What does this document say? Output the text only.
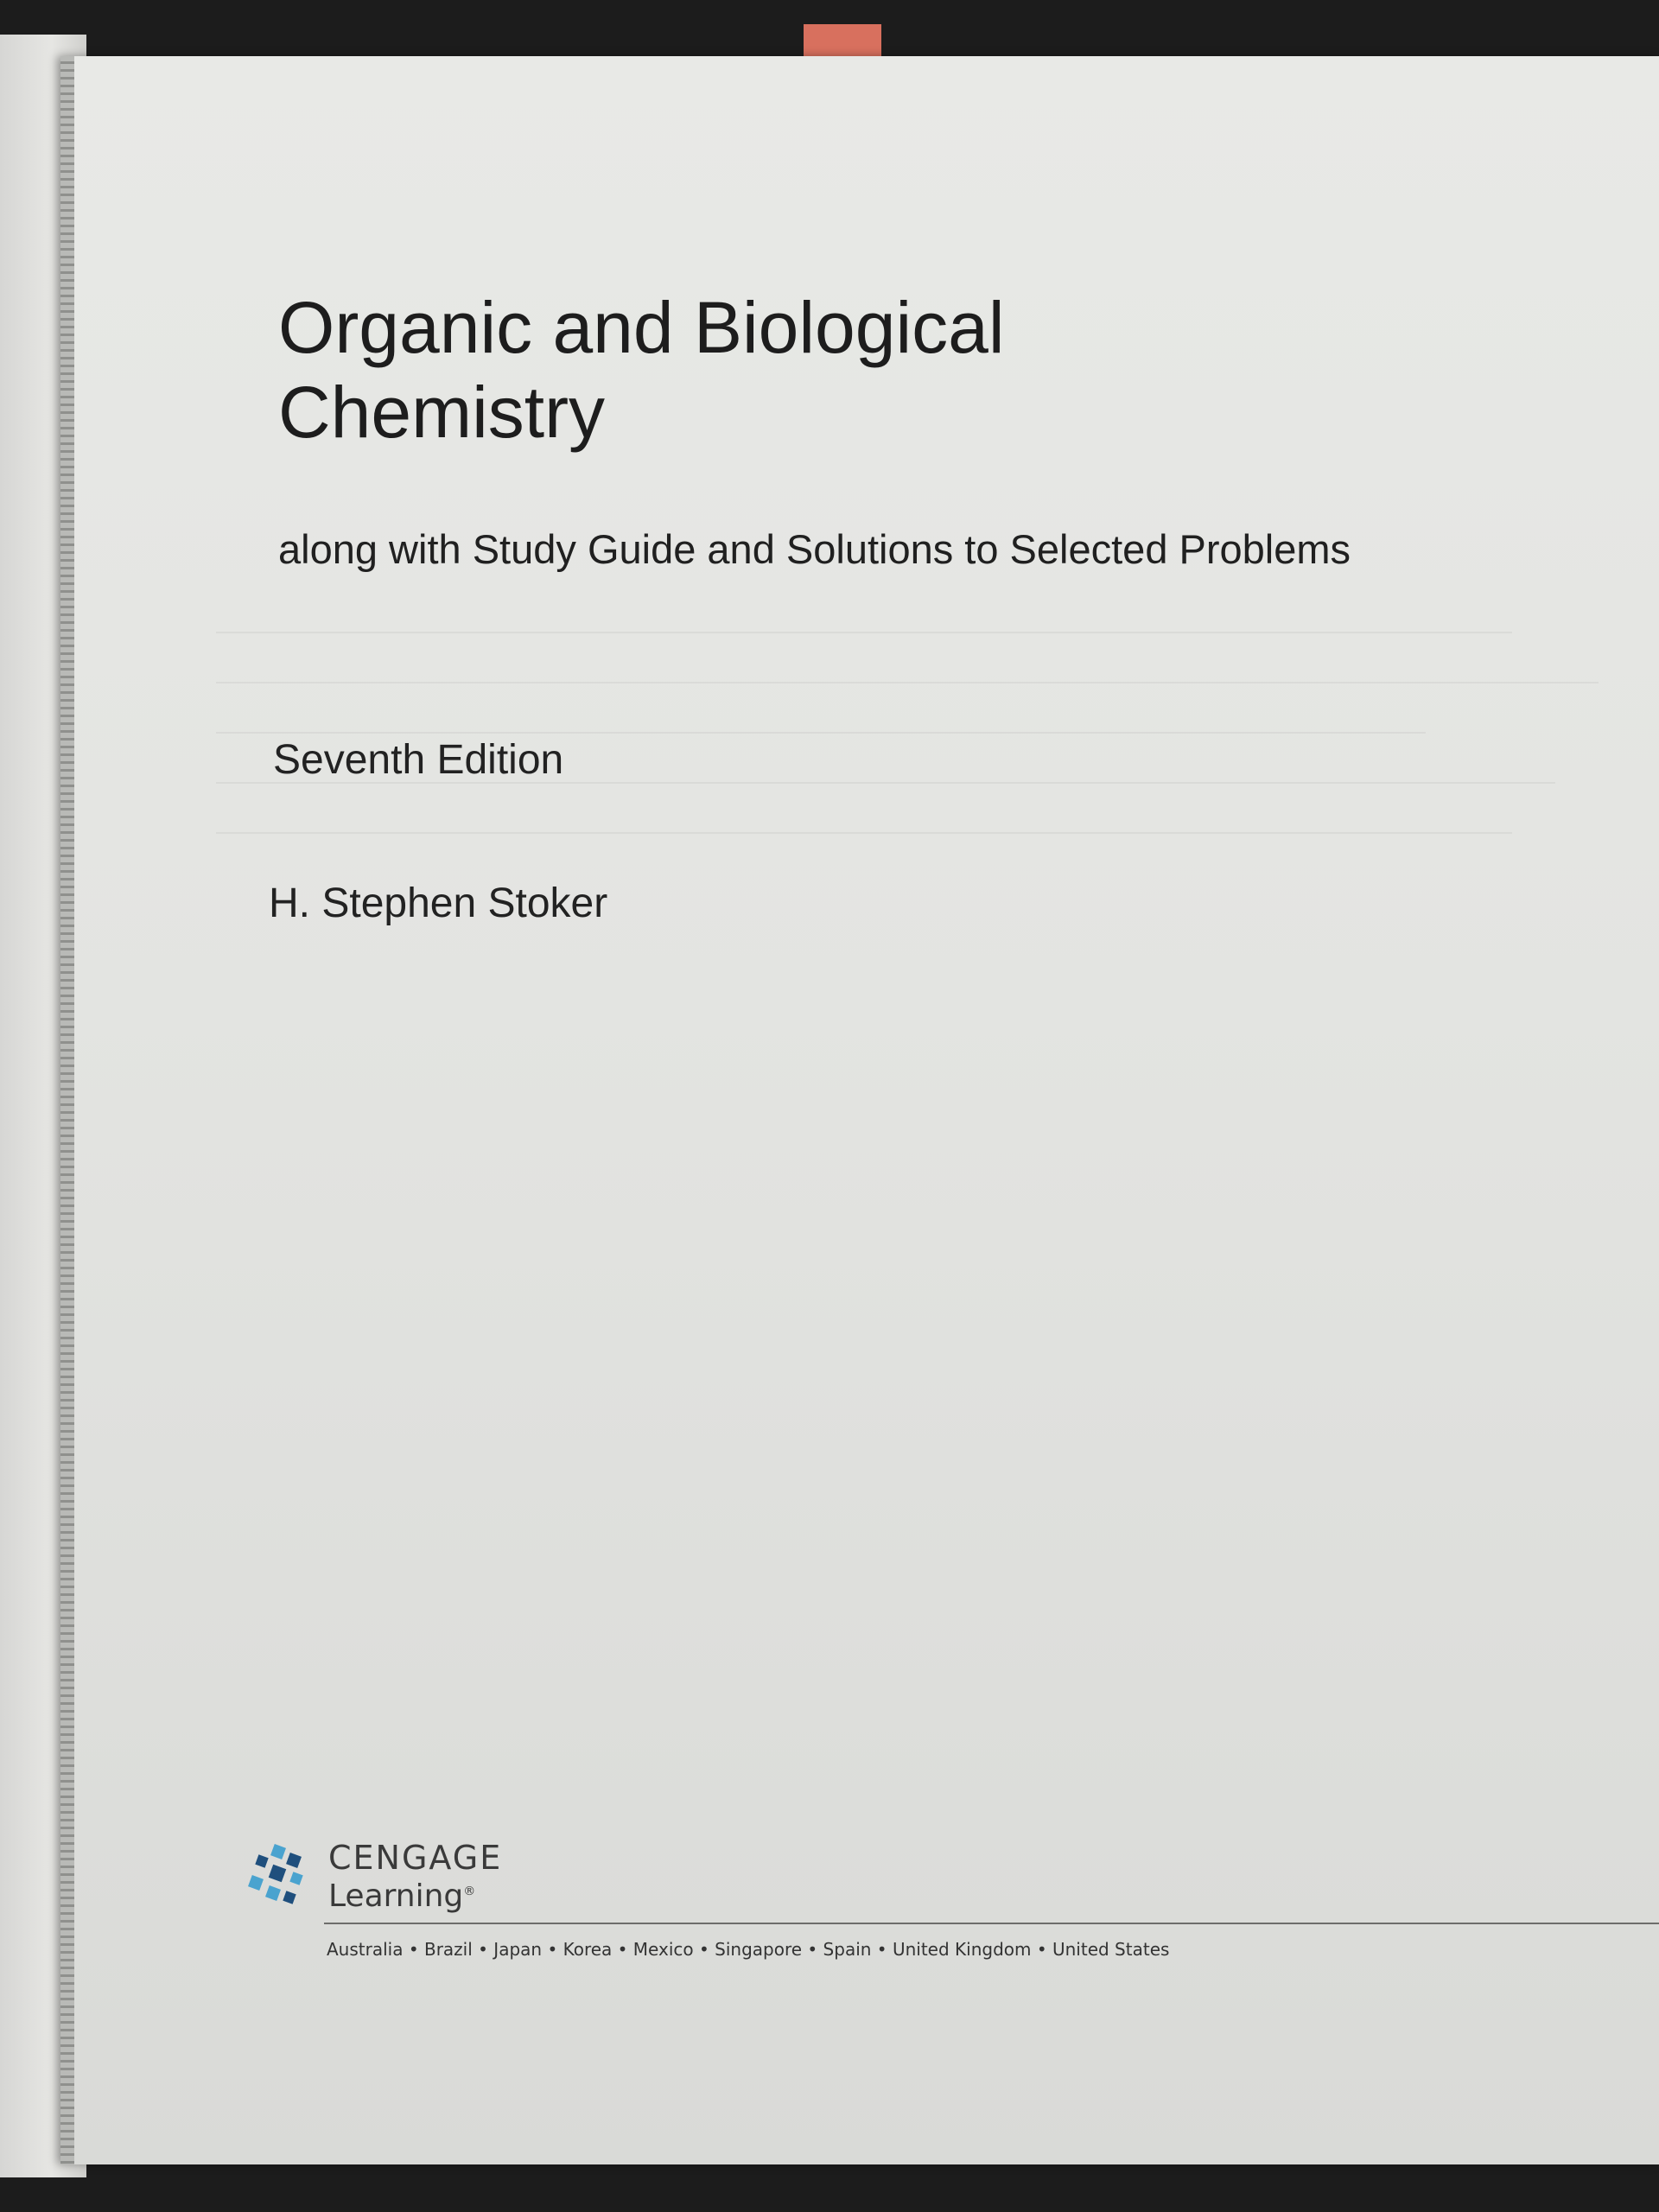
Organic and Biological
Chemistry
along with Study Guide and Solutions to Selected Problems
Seventh Edition
H. Stephen Stoker
CENGAGE
Learning®
Australia • Brazil • Japan • Korea • Mexico • Singapore • Spain • United Kingdom • United States
